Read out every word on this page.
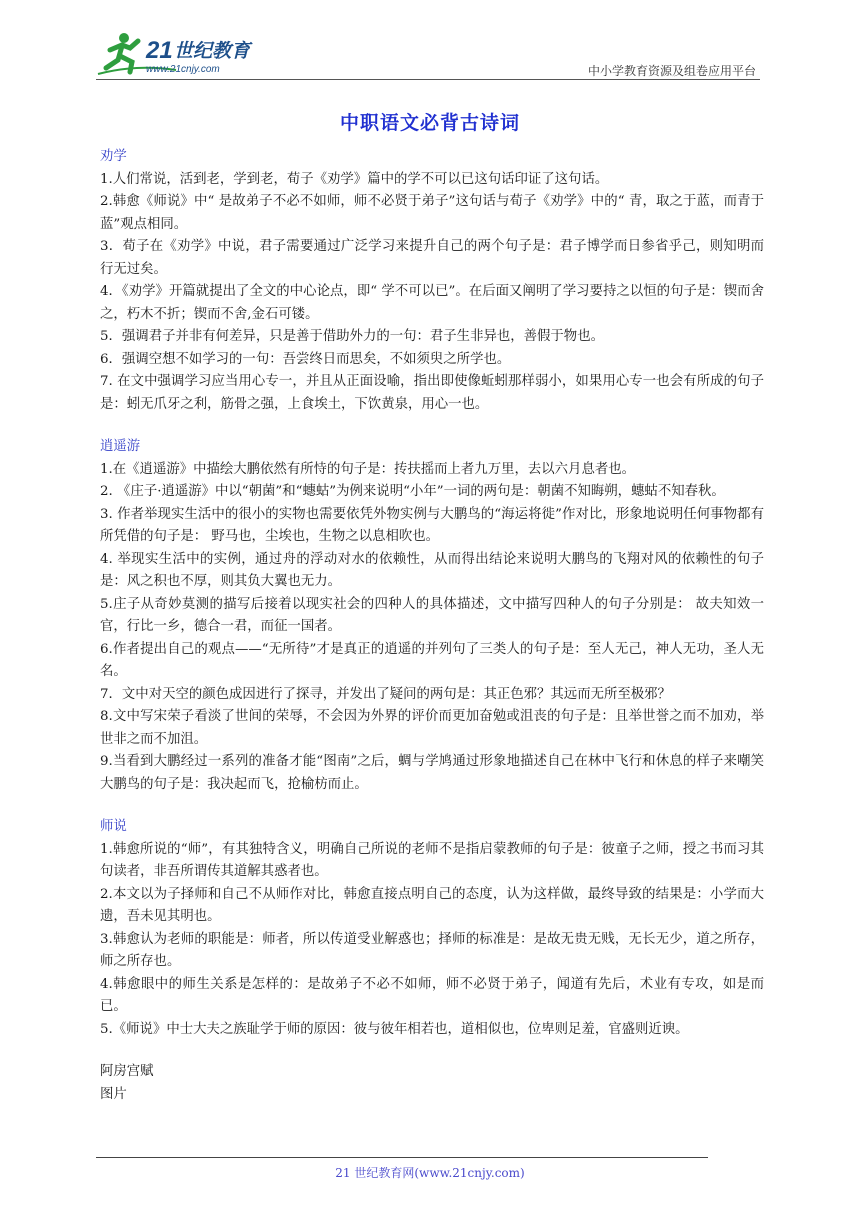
21 世纪教育
www.21cnjy.com	中小学教育资源及组卷应用平台
中职语文必背古诗词
劝学
1.人们常说，活到老，学到老，荀子《劝学》篇中的学不可以已这句话印证了这句话。
2.韩愈《师说》中“ 是故弟子不必不如师，师不必贤于弟子”这句话与荀子《劝学》中的“ 青，取之于蓝，而青于蓝”观点相同。
3．荀子在《劝学》中说，君子需要通过广泛学习来提升自己的两个句子是：君子博学而日参省乎己，则知明而行无过矣。
4．《劝学》开篇就提出了全文的中心论点，即“ 学不可以已”。在后面又阐明了学习要持之以恒的句子是：锲而舍之，朽木不折；锲而不舍,金石可镂。
5．强调君子并非有何差异，只是善于借助外力的一句：君子生非异也，善假于物也。
6．强调空想不如学习的一句：吾尝终日而思矣，不如须臾之所学也。
7. 在文中强调学习应当用心专一，并且从正面设喻，指出即使像蚯蚓那样弱小，如果用心专一也会有所成的句子是：蚓无爪牙之利，筋骨之强，上食埃土，下饮黄泉，用心一也。
逍遥游
1.在《逍遥游》中描绘大鹏依然有所恃的句子是：抟扶摇而上者九万里，去以六月息者也。
2. 《庄子·逍遥游》中以“朝菌”和“蟪蛄”为例来说明“小年”一词的两句是：朝菌不知晦朔，蟪蛄不知春秋。
3. 作者举现实生活中的很小的实物也需要依凭外物实例与大鹏鸟的“海运将徙”作对比，形象地说明任何事物都有所凭借的句子是： 野马也，尘埃也，生物之以息相吹也。
4. 举现实生活中的实例，通过舟的浮动对水的依赖性，从而得出结论来说明大鹏鸟的飞翔对风的依赖性的句子是：风之积也不厚，则其负大翼也无力。
5.庄子从奇妙莫测的描写后接着以现实社会的四种人的具体描述，文中描写四种人的句子分别是： 故夫知效一官，行比一乡，德合一君，而征一国者。
6.作者提出自己的观点——“无所待”才是真正的逍遥的并列句了三类人的句子是：至人无己，神人无功，圣人无名。
7．文中对天空的颜色成因进行了探寻，并发出了疑问的两句是：其正色邪？其远而无所至极邪？
8.文中写宋荣子看淡了世间的荣辱，不会因为外界的评价而更加奋勉或沮丧的句子是：且举世誉之而不加劝，举世非之而不加沮。
9.当看到大鹏经过一系列的准备才能“图南”之后，蜩与学鸠通过形象地描述自己在林中飞行和休息的样子来嘲笑大鹏鸟的句子是：我决起而飞，抢榆枋而止。
师说
1.韩愈所说的“师”，有其独特含义，明确自己所说的老师不是指启蒙教师的句子是：彼童子之师，授之书而习其句读者，非吾所谓传其道解其惑者也。
2.本文以为子择师和自己不从师作对比，韩愈直接点明自己的态度，认为这样做，最终导致的结果是：小学而大遗，吾未见其明也。
3.韩愈认为老师的职能是：师者，所以传道受业解惑也；择师的标准是：是故无贵无贱，无长无少，道之所存，师之所存也。
4.韩愈眼中的师生关系是怎样的：是故弟子不必不如师，师不必贤于弟子，闻道有先后，术业有专攻，如是而已。
5.《师说》中士大夫之族耻学于师的原因：彼与彼年相若也，道相似也，位卑则足羞，官盛则近谀。
阿房宫赋
图片
21 世纪教育网(www.21cnjy.com)
